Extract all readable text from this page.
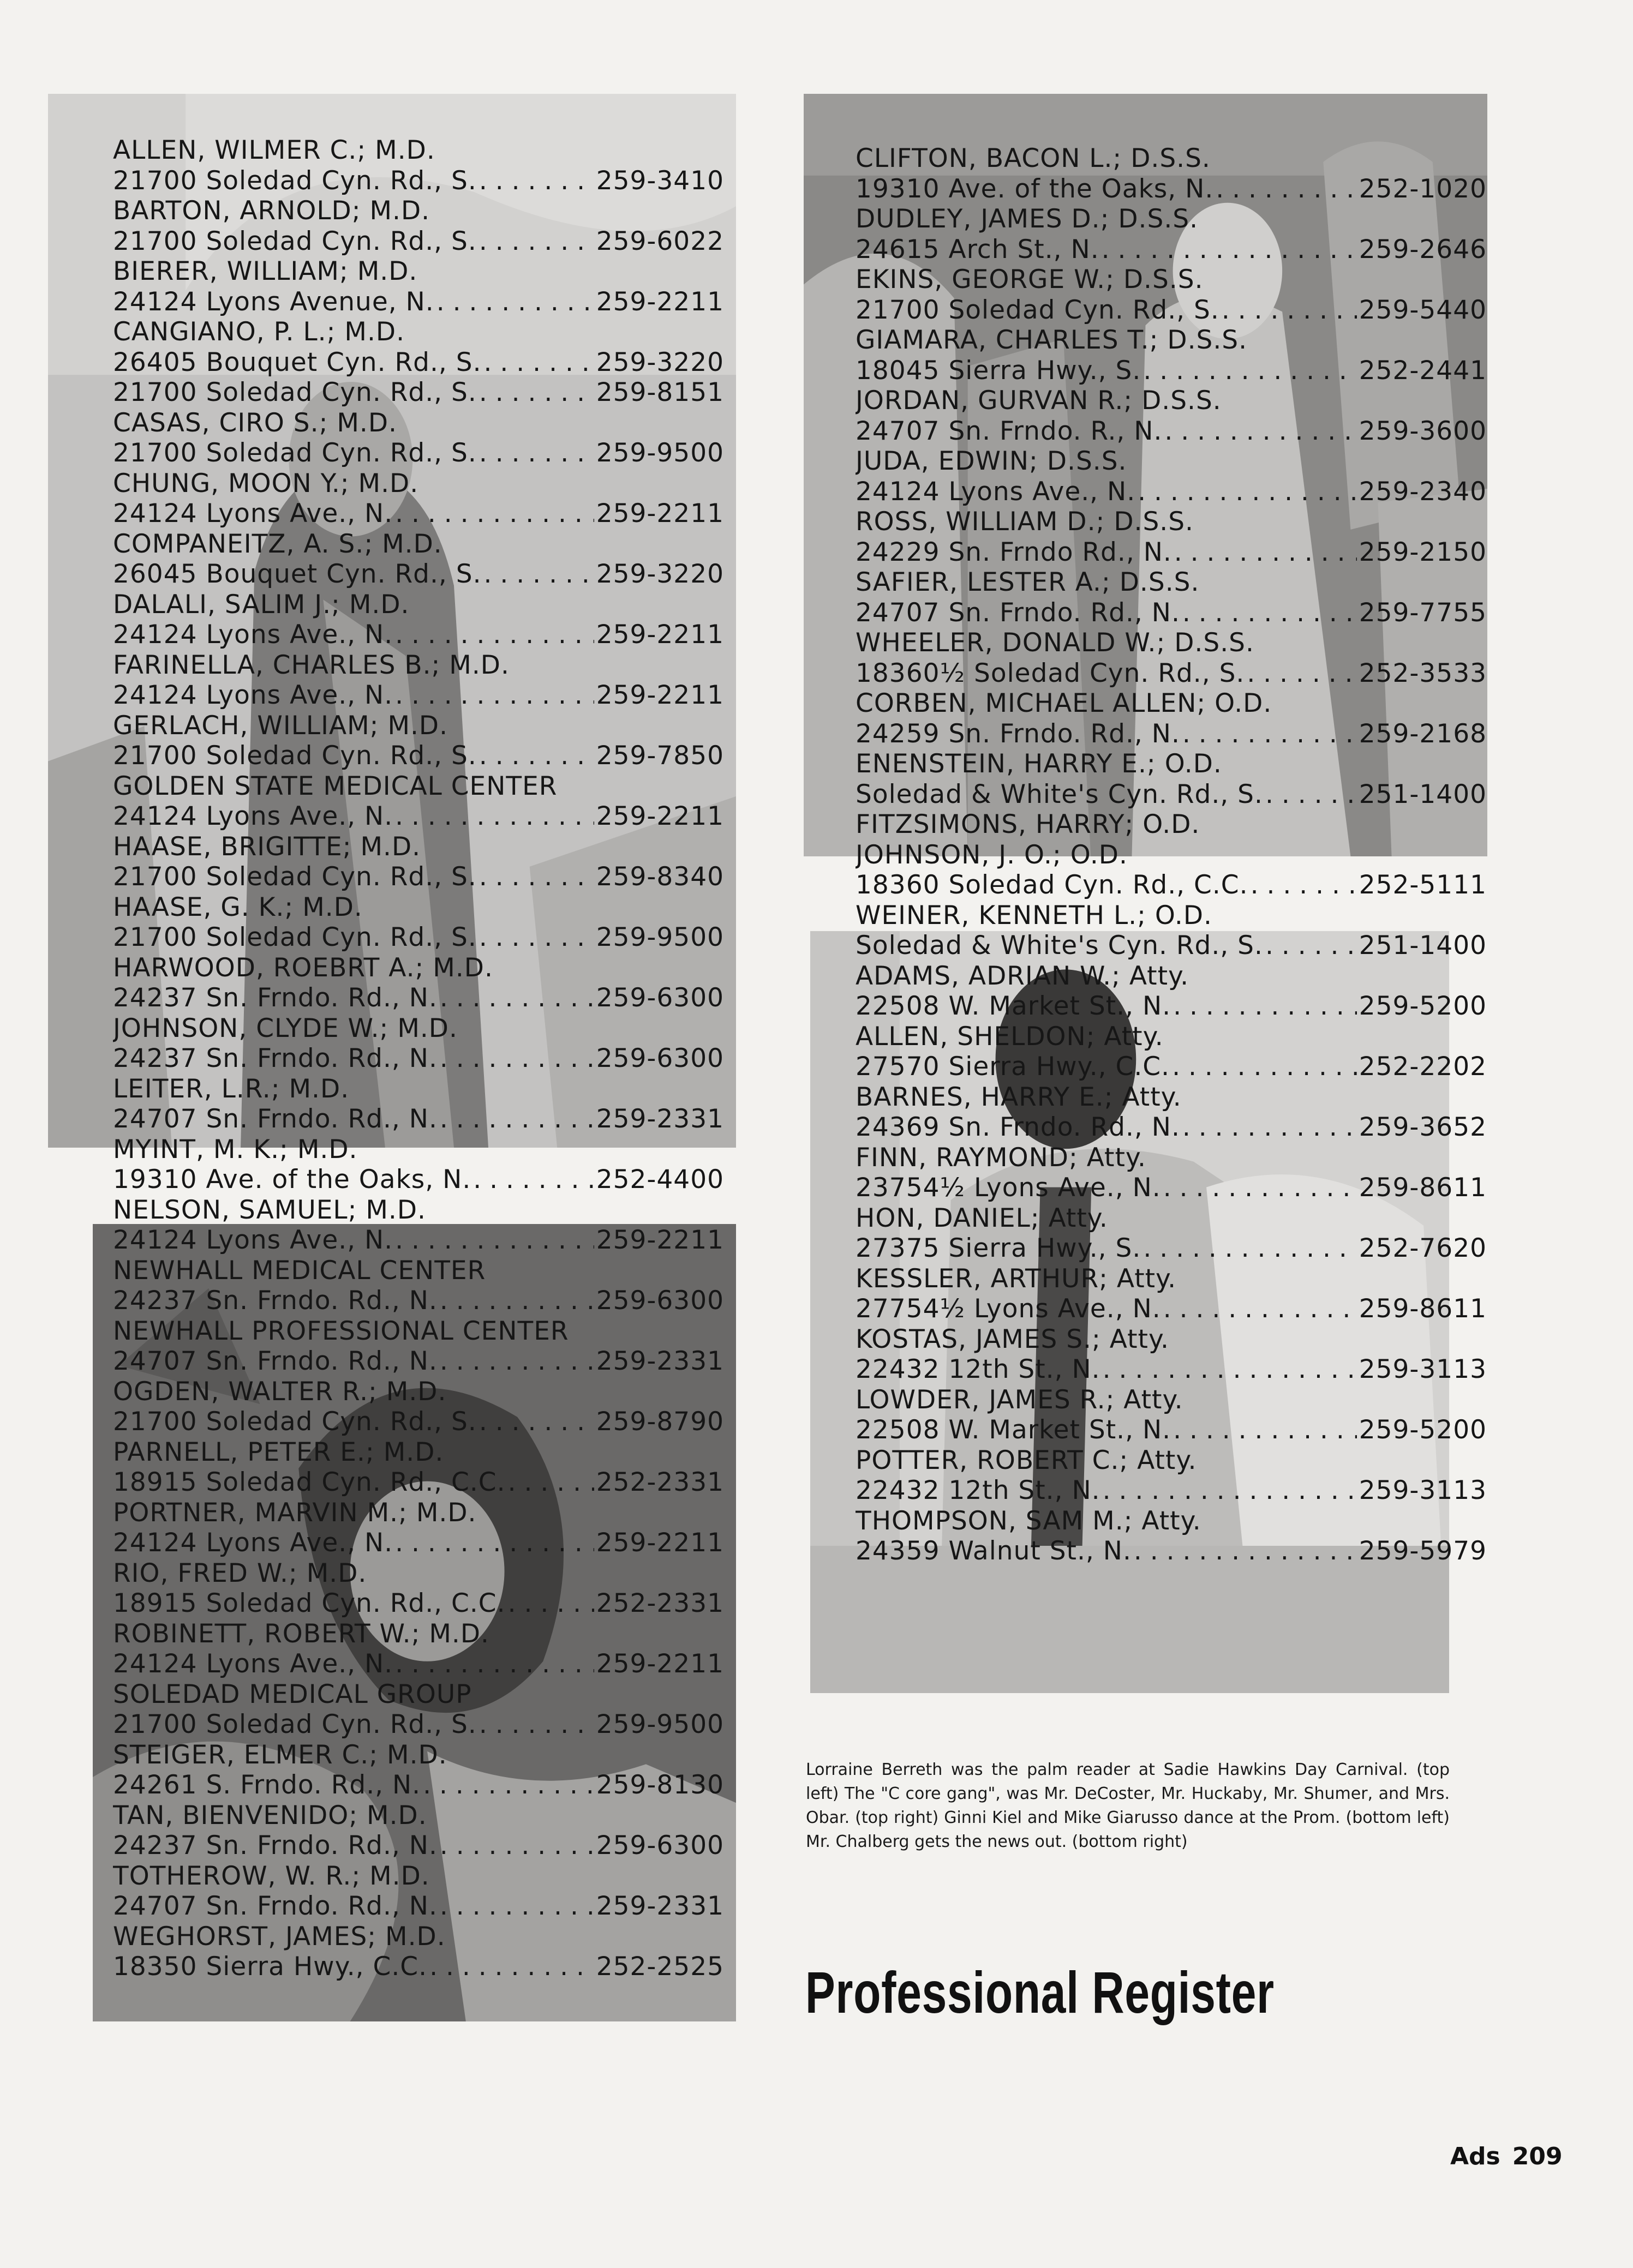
ALLEN, WILMER C.; M.D.
21700 Soledad Cyn. Rd., S. . . .	259-3410
BARTON, ARNOLD; M.D.
21700 Soledad Cyn. Rd., S. . . .	259-6022
BIERER, WILLIAM; M.D.
24124 Lyons Avenue, N. . . .	259-2211
CANGIANO, P. L.; M.D.
26405 Bouquet Cyn. Rd., S. . . .	259-3220
21700 Soledad Cyn. Rd., S. . . .	259-8151
CASAS, CIRO S.; M.D.
21700 Soledad Cyn. Rd., S. . . .	259-9500
CHUNG, MOON Y.; M.D.
24124 Lyons Ave., N. . . .	259-2211
COMPANEITZ, A. S.; M.D.
26045 Bouquet Cyn. Rd., S. . . .	259-3220
DALALI, SALIM J.; M.D.
24124 Lyons Ave., N. . . .	259-2211
FARINELLA, CHARLES B.; M.D.
24124 Lyons Ave., N. . . .	259-2211
GERLACH, WILLIAM; M.D.
21700 Soledad Cyn. Rd., S. . . .	259-7850
GOLDEN STATE MEDICAL CENTER
24124 Lyons Ave., N. . . .	259-2211
HAASE, BRIGITTE; M.D.
21700 Soledad Cyn. Rd., S. . . .	259-8340
HAASE, G. K.; M.D.
21700 Soledad Cyn. Rd., S. . . .	259-9500
HARWOOD, ROEBRT A.; M.D.
24237 Sn. Frndo. Rd., N. . . .	259-6300
JOHNSON, CLYDE W.; M.D.
24237 Sn. Frndo. Rd., N. . . .	259-6300
LEITER, L.R.; M.D.
24707 Sn. Frndo. Rd., N. . . .	259-2331
MYINT, M. K.; M.D.
19310 Ave. of the Oaks, N. . . .	252-4400
NELSON, SAMUEL; M.D.
24124 Lyons Ave., N. . . .	259-2211
NEWHALL MEDICAL CENTER
24237 Sn. Frndo. Rd., N. . . .	259-6300
NEWHALL PROFESSIONAL CENTER
24707 Sn. Frndo. Rd., N. . . .	259-2331
OGDEN, WALTER R.; M.D.
21700 Soledad Cyn. Rd., S. . . .	259-8790
PARNELL, PETER E.; M.D.
18915 Soledad Cyn. Rd., C.C. . . .	252-2331
PORTNER, MARVIN M.; M.D.
24124 Lyons Ave., N. . . .	259-2211
RIO, FRED W.; M.D.
18915 Soledad Cyn. Rd., C.C. . . .	252-2331
ROBINETT, ROBERT W.; M.D.
24124 Lyons Ave., N. . . .	259-2211
SOLEDAD MEDICAL GROUP
21700 Soledad Cyn. Rd., S. . . .	259-9500
STEIGER, ELMER C.; M.D.
24261 S. Frndo. Rd., N. . . .	259-8130
TAN, BIENVENIDO; M.D.
24237 Sn. Frndo. Rd., N. . . .	259-6300
TOTHEROW, W. R.; M.D.
24707 Sn. Frndo. Rd., N. . . .	259-2331
WEGHORST, JAMES; M.D.
18350 Sierra Hwy., C.C. . . .	252-2525
CLIFTON, BACON L.; D.S.S.
19310 Ave. of the Oaks, N. . . .	252-1020
DUDLEY, JAMES D.; D.S.S.
24615 Arch St., N. . . .	259-2646
EKINS, GEORGE W.; D.S.S.
21700 Soledad Cyn. Rd., S. . . .	259-5440
GIAMARA, CHARLES T.; D.S.S.
18045 Sierra Hwy., S. . . .	252-2441
JORDAN, GURVAN R.; D.S.S.
24707 Sn. Frndo. R., N. . . .	259-3600
JUDA, EDWIN; D.S.S.
24124 Lyons Ave., N. . . .	259-2340
ROSS, WILLIAM D.; D.S.S.
24229 Sn. Frndo Rd., N. . . .	259-2150
SAFIER, LESTER A.; D.S.S.
24707 Sn. Frndo. Rd., N. . . .	259-7755
WHEELER, DONALD W.; D.S.S.
18360½ Soledad Cyn. Rd., S. . . .	252-3533
CORBEN, MICHAEL ALLEN; O.D.
24259 Sn. Frndo. Rd., N. . . .	259-2168
ENENSTEIN, HARRY E.; O.D.
Soledad & White's Cyn. Rd., S. . . .	251-1400
FITZSIMONS, HARRY; O.D.
JOHNSON, J. O.; O.D.
18360 Soledad Cyn. Rd., C.C. . . .	252-5111
WEINER, KENNETH L.; O.D.
Soledad & White's Cyn. Rd., S. . . .	251-1400
ADAMS, ADRIAN W.; Atty.
22508 W. Market St., N. . . .	259-5200
ALLEN, SHELDON; Atty.
27570 Sierra Hwy., C.C. . . .	252-2202
BARNES, HARRY E.; Atty.
24369 Sn. Frndo. Rd., N. . . .	259-3652
FINN, RAYMOND; Atty.
23754½ Lyons Ave., N. . . .	259-8611
HON, DANIEL; Atty.
27375 Sierra Hwy., S. . . .	252-7620
KESSLER, ARTHUR; Atty.
27754½ Lyons Ave., N. . . .	259-8611
KOSTAS, JAMES S.; Atty.
22432 12th St., N. . . .	259-3113
LOWDER, JAMES R.; Atty.
22508 W. Market St., N. . . .	259-5200
POTTER, ROBERT C.; Atty.
22432 12th St., N. . . .	259-3113
THOMPSON, SAM M.; Atty.
24359 Walnut St., N. . . .	259-5979
Lorraine Berreth was the palm reader at Sadie Hawkins Day Carnival. (top left) The "C core gang", was Mr. DeCoster, Mr. Huckaby, Mr. Shumer, and Mrs. Obar. (top right) Ginni Kiel and Mike Giarusso dance at the Prom. (bottom left) Mr. Chalberg gets the news out. (bottom right)
Professional Register
Ads 209
